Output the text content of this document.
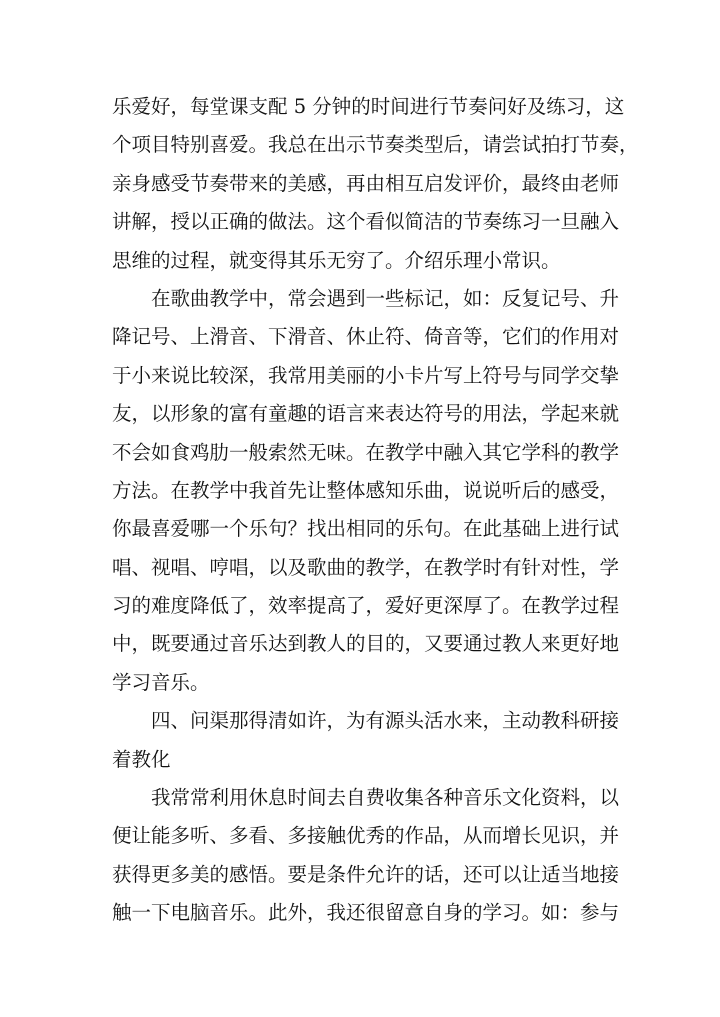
乐爱好，每堂课支配 5 分钟的时间进行节奏问好及练习，这
个项目特别喜爱。我总在出示节奏类型后，请尝试拍打节奏，
亲身感受节奏带来的美感，再由相互启发评价，最终由老师
讲解，授以正确的做法。这个看似简洁的节奏练习一旦融入
思维的过程，就变得其乐无穷了。介绍乐理小常识。
在歌曲教学中，常会遇到一些标记，如：反复记号、升
降记号、上滑音、下滑音、休止符、倚音等，它们的作用对
于小来说比较深，我常用美丽的小卡片写上符号与同学交挚
友，以形象的富有童趣的语言来表达符号的用法，学起来就
不会如食鸡肋一般索然无味。在教学中融入其它学科的教学
方法。在教学中我首先让整体感知乐曲，说说听后的感受，
你最喜爱哪一个乐句？找出相同的乐句。在此基础上进行试
唱、视唱、哼唱，以及歌曲的教学，在教学时有针对性，学
习的难度降低了，效率提高了，爱好更深厚了。在教学过程
中，既要通过音乐达到教人的目的，又要通过教人来更好地
学习音乐。
四、问渠那得清如许，为有源头活水来，主动教科研接
着教化
我常常利用休息时间去自费收集各种音乐文化资料，以
便让能多听、多看、多接触优秀的作品，从而增长见识，并
获得更多美的感悟。要是条件允许的话，还可以让适当地接
触一下电脑音乐。此外，我还很留意自身的学习。如：参与
